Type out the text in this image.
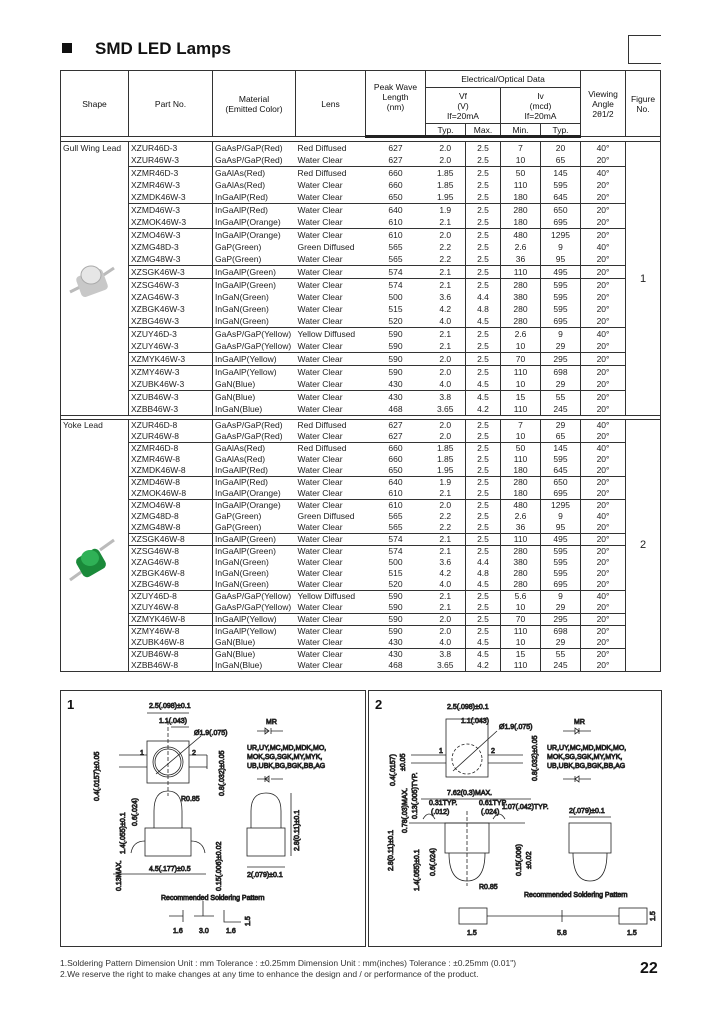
SMD LED Lamps
Shape	Part No.	Material
(Emitted Color)	Lens	Peak Wave
Length
(nm)	Electrical/Optical Data				Viewing
Angle
2θ1/2	Figure
No.
					Vf
(V)
If=20mA		Iv
(mcd)
If=20mA			
					Typ.	Max.	Min.	Typ.		

Gull Wing Lead	XZUR46D-3	GaAsP/GaP(Red)	Red Diffused	627	2.0	2.5	7	20	40°	1
	XZUR46W-3	GaAsP/GaP(Red)	Water Clear	627	2.0	2.5	10	65	20°	
	XZMR46D-3	GaAlAs(Red)	Red Diffused	660	1.85	2.5	50	145	40°	
	XZMR46W-3	GaAlAs(Red)	Water Clear	660	1.85	2.5	110	595	20°	
	XZMDK46W-3	InGaAlP(Red)	Water Clear	650	1.95	2.5	180	645	20°	
	XZMD46W-3	InGaAlP(Red)	Water Clear	640	1.9	2.5	280	650	20°	
	XZMOK46W-3	InGaAlP(Orange)	Water Clear	610	2.1	2.5	180	695	20°	
	XZMO46W-3	InGaAlP(Orange)	Water Clear	610	2.0	2.5	480	1295	20°	
	XZMG48D-3	GaP(Green)	Green Diffused	565	2.2	2.5	2.6	9	40°	
	XZMG48W-3	GaP(Green)	Water Clear	565	2.2	2.5	36	95	20°	
	XZSGK46W-3	InGaAlP(Green)	Water Clear	574	2.1	2.5	110	495	20°	
	XZSG46W-3	InGaAlP(Green)	Water Clear	574	2.1	2.5	280	595	20°	
	XZAG46W-3	InGaN(Green)	Water Clear	500	3.6	4.4	380	595	20°	
	XZBGK46W-3	InGaN(Green)	Water Clear	515	4.2	4.8	280	595	20°	
	XZBG46W-3	InGaN(Green)	Water Clear	520	4.0	4.5	280	695	20°	
	XZUY46D-3	GaAsP/GaP(Yellow)	Yellow Diffused	590	2.1	2.5	2.6	9	40°	
	XZUY46W-3	GaAsP/GaP(Yellow)	Water Clear	590	2.1	2.5	10	29	20°	
	XZMYK46W-3	InGaAlP(Yellow)	Water Clear	590	2.0	2.5	70	295	20°	
	XZMY46W-3	InGaAlP(Yellow)	Water Clear	590	2.0	2.5	110	698	20°	
	XZUBK46W-3	GaN(Blue)	Water Clear	430	4.0	4.5	10	29	20°	
	XZUB46W-3	GaN(Blue)	Water Clear	430	3.8	4.5	15	55	20°	
	XZBB46W-3	InGaN(Blue)	Water Clear	468	3.65	4.2	110	245	20°	

Yoke Lead	XZUR46D-8	GaAsP/GaP(Red)	Red Diffused	627	2.0	2.5	7	29	40°	2
	XZUR46W-8	GaAsP/GaP(Red)	Water Clear	627	2.0	2.5	10	65	20°	
	XZMR46D-8	GaAlAs(Red)	Red Diffused	660	1.85	2.5	50	145	40°	
	XZMR46W-8	GaAlAs(Red)	Water Clear	660	1.85	2.5	110	595	20°	
	XZMDK46W-8	InGaAlP(Red)	Water Clear	650	1.95	2.5	180	645	20°	
	XZMD46W-8	InGaAlP(Red)	Water Clear	640	1.9	2.5	280	650	20°	
	XZMOK46W-8	InGaAlP(Orange)	Water Clear	610	2.1	2.5	180	695	20°	
	XZMO46W-8	InGaAlP(Orange)	Water Clear	610	2.0	2.5	480	1295	20°	
	XZMG48D-8	GaP(Green)	Green Diffused	565	2.2	2.5	2.6	9	40°	
	XZMG48W-8	GaP(Green)	Water Clear	565	2.2	2.5	36	95	20°	
	XZSGK46W-8	InGaAlP(Green)	Water Clear	574	2.1	2.5	110	495	20°	
	XZSG46W-8	InGaAlP(Green)	Water Clear	574	2.1	2.5	280	595	20°	
	XZAG46W-8	InGaN(Green)	Water Clear	500	3.6	4.4	380	595	20°	
	XZBGK46W-8	InGaN(Green)	Water Clear	515	4.2	4.8	280	595	20°	
	XZBG46W-8	InGaN(Green)	Water Clear	520	4.0	4.5	280	695	20°	
	XZUY46D-8	GaAsP/GaP(Yellow)	Yellow Diffused	590	2.1	2.5	5.6	9	40°	
	XZUY46W-8	GaAsP/GaP(Yellow)	Water Clear	590	2.1	2.5	10	29	20°	
	XZMYK46W-8	InGaAlP(Yellow)	Water Clear	590	2.0	2.5	70	295	20°	
	XZMY46W-8	InGaAlP(Yellow)	Water Clear	590	2.0	2.5	110	698	20°	
	XZUBK46W-8	GaN(Blue)	Water Clear	430	4.0	4.5	10	29	20°	
	XZUB46W-8	GaN(Blue)	Water Clear	430	3.8	4.5	15	55	20°	
	XZBB46W-8	InGaN(Blue)	Water Clear	468	3.65	4.2	110	245	20°	
1	2.5(.098)±0.1
1.1(.043)
Ø1.9(.075)
0.4(.0157)±0.05	0.8(.032)±0.05
1.4(.055)±0.1
0.6(.024)	R0.85
0.13MAX.	4.5(.177)±0.5	0.15(.006)±0.02
2.8(0.11)±0.1
2(.079)±0.1
1	2
MR
UR,UY,MC,MD,MDK,MO,
MOK,SG,SGK,MY,MYK,
UB,UBK,BG,BGK,BB,AG
Recommended Soldering Pattern
1.6 3.0 1.6
1.5
2	2.5(.098)±0.1
1.1(.043)
Ø1.9(.075)
0.4(.0157) ±0.05	0.8(.032)±0.05
7.62(0.3)MAX.
0.78(.03)MAX. 0.13(.005)TYP. 0.31TYP.
(.012)
0.61TYP.
(.024)
1.07(.042)TYP.
2.8(0.11)±0.1	1.4(.055)±0.1 0.6(.024)
R0.85
0.15(.006) ±0.02
2(.079)±0.1
1	2
MR
UR,UY,MC,MD,MDK,MO,
MOK,SG,SGK,MY,MYK,
UB,UBK,BG,BGK,BB,AG
Recommended Soldering Pattern
1.5	5.8	1.5
1.5
1.Soldering Pattern Dimension Unit : mm Tolerance : ±0.25mm Dimension Unit : mm(inches) Tolerance : ±0.25mm (0.01")
2.We reserve the right to make changes at any time to enhance the design and / or performance of the product.	22
